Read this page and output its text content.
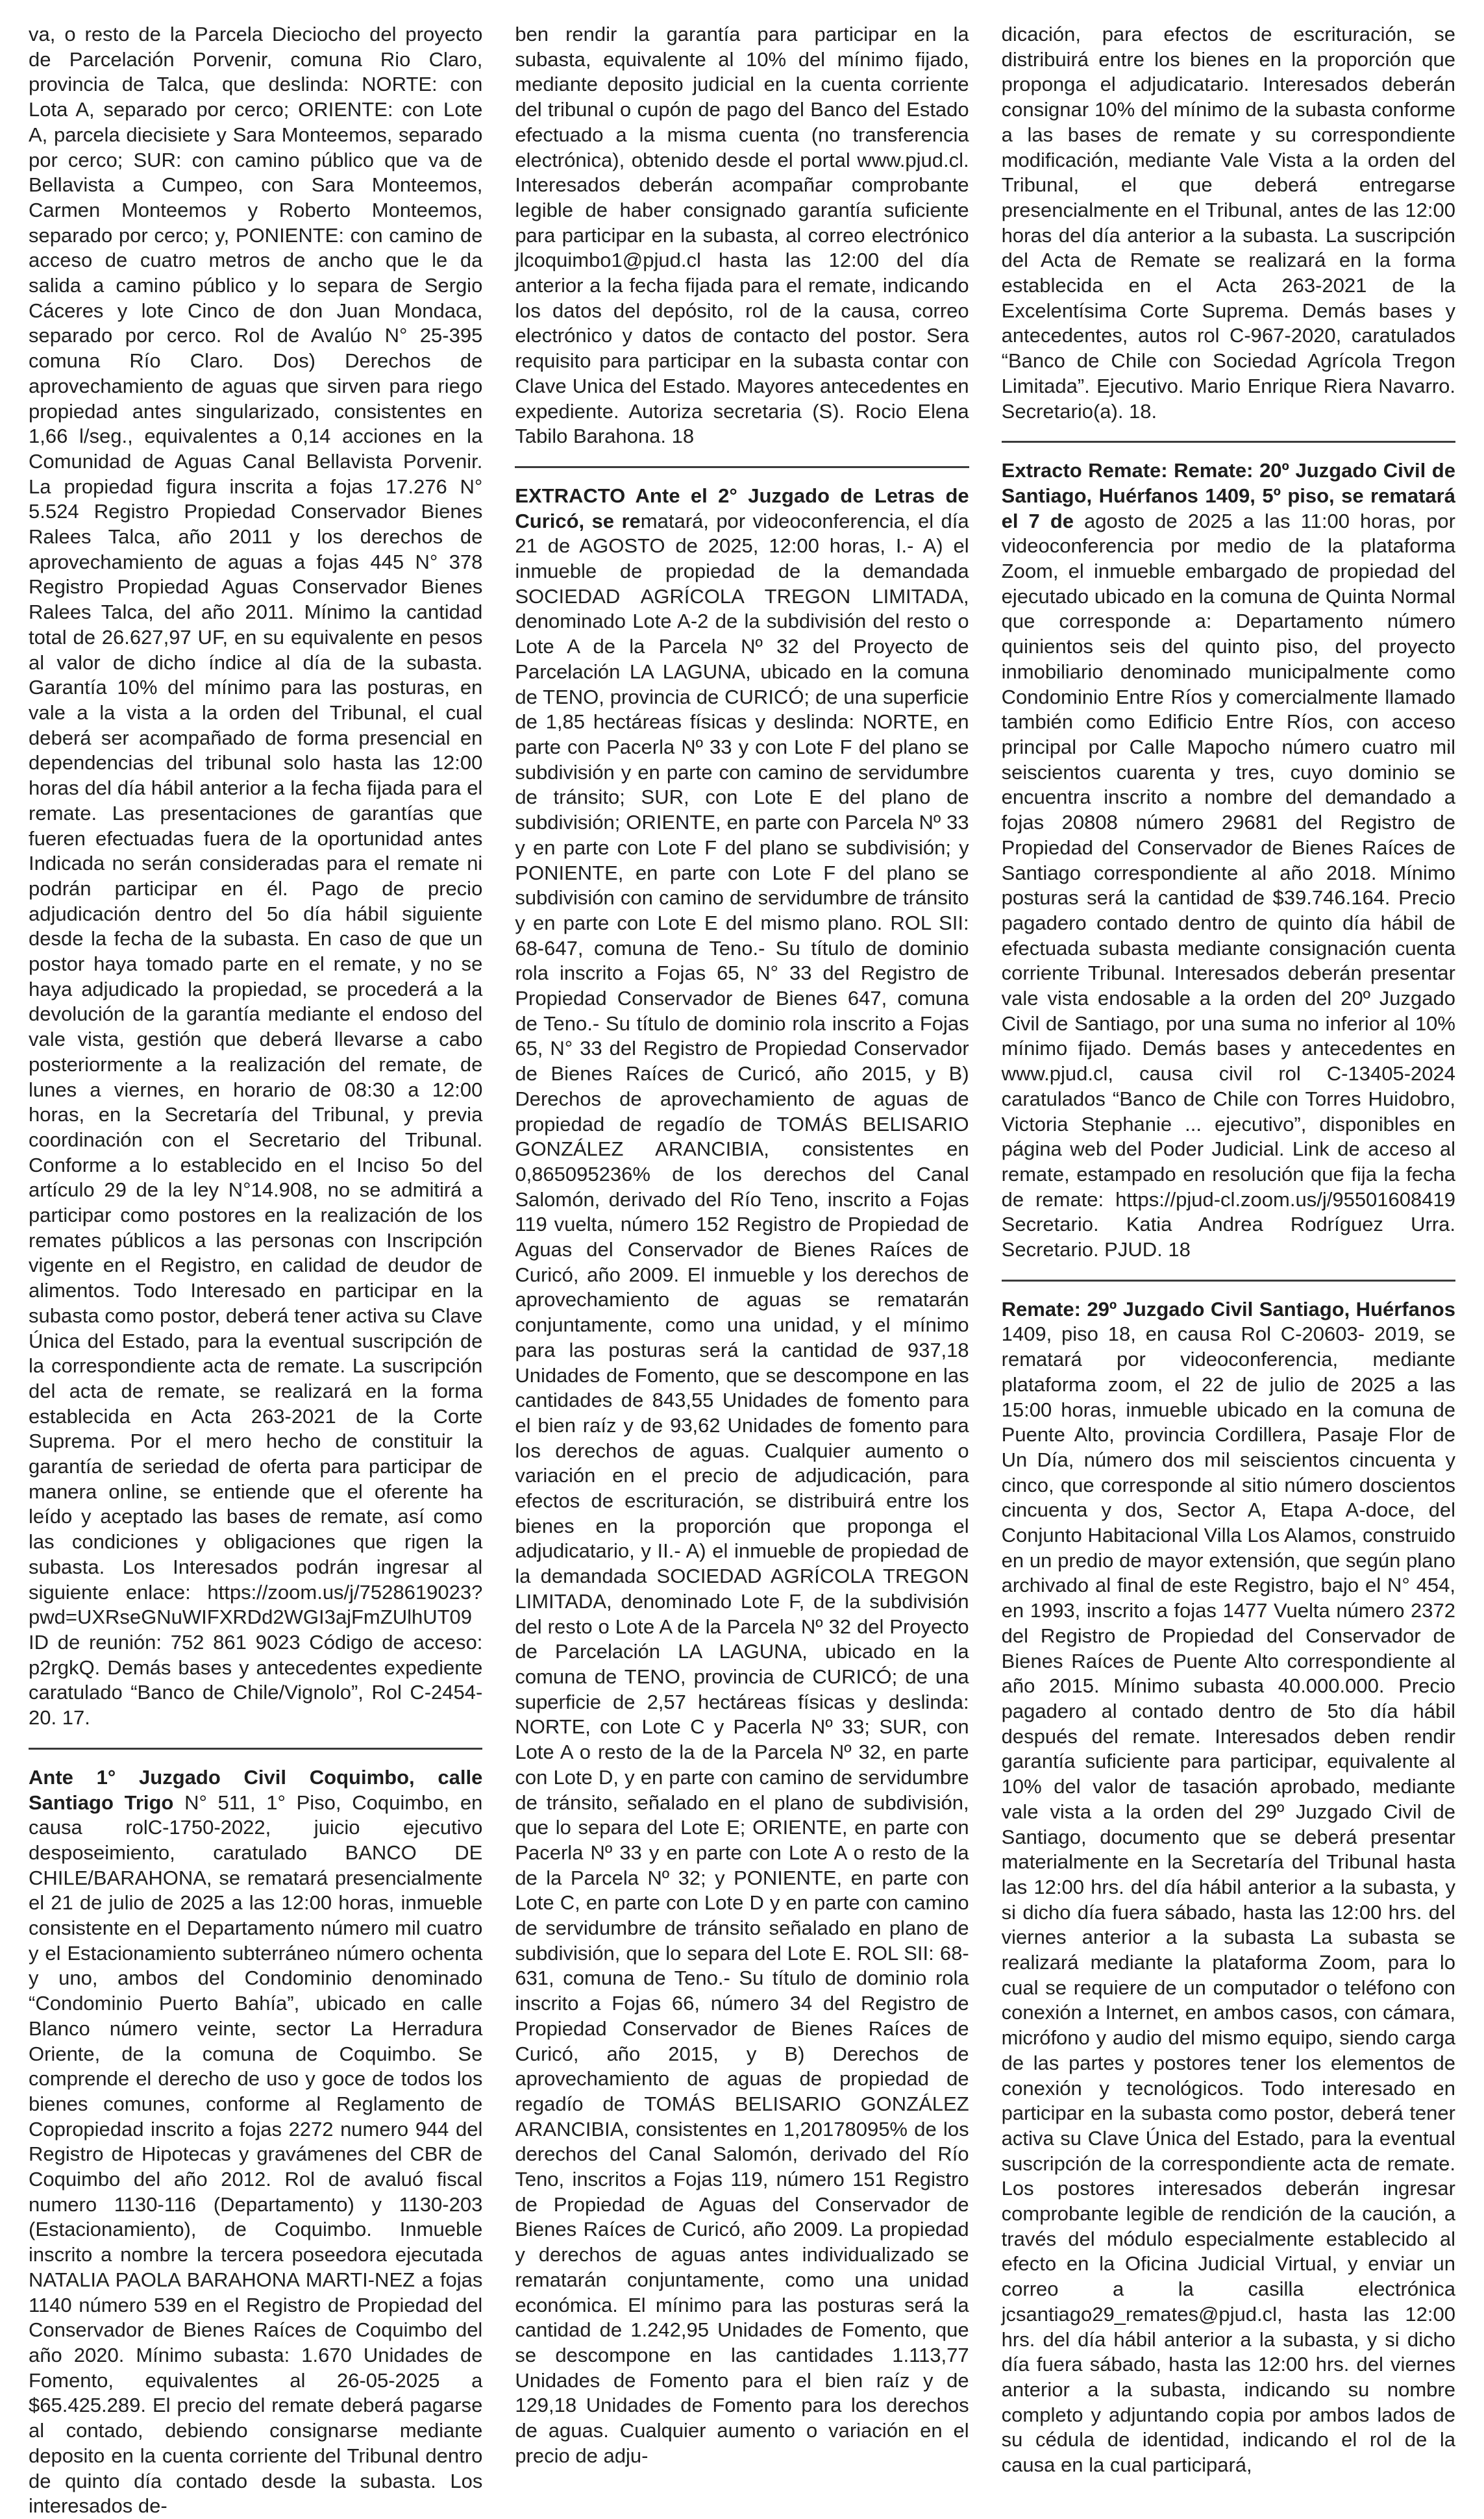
va, o resto de la Parcela Dieciocho del proyecto de Parcelación Porvenir, comuna Rio Claro, provincia de Talca, que deslinda: NORTE: con Lota A, separado por cerco; ORIENTE: con Lote A, parcela diecisiete y Sara Monteemos, separado por cerco; SUR: con camino público que va de Bellavista a Cumpeo, con Sara Monteemos, Carmen Monteemos y Roberto Monteemos, separado por cerco; y, PONIENTE: con camino de acceso de cuatro metros de ancho que le da salida a camino público y lo separa de Sergio Cáceres y lote Cinco de don Juan Mondaca, separado por cerco. Rol de Avalúo N° 25-395 comuna Río Claro. Dos) Derechos de aprovechamiento de aguas que sirven para riego propiedad antes singularizado, consistentes en 1,66 l/seg., equivalentes a 0,14 acciones en la Comunidad de Aguas Canal Bellavista Porvenir. La propiedad figura inscrita a fojas 17.276 N° 5.524 Registro Propiedad Conservador Bienes Ralees Talca, año 2011 y los derechos de aprovechamiento de aguas a fojas 445 N° 378 Registro Propiedad Aguas Conservador Bienes Ralees Talca, del año 2011. Mínimo la cantidad total de 26.627,97 UF, en su equivalente en pesos al valor de dicho índice al día de la subasta. Garantía 10% del mínimo para las posturas, en vale a la vista a la orden del Tribunal, el cual deberá ser acompañado de forma presencial en dependencias del tribunal solo hasta las 12:00 horas del día hábil anterior a la fecha fijada para el remate. Las presentaciones de garantías que fueren efectuadas fuera de la oportunidad antes Indicada no serán consideradas para el remate ni podrán participar en él. Pago de precio adjudicación dentro del 5o día hábil siguiente desde la fecha de la subasta. En caso de que un postor haya tomado parte en el remate, y no se haya adjudicado la propiedad, se procederá a la devolución de la garantía mediante el endoso del vale vista, gestión que deberá llevarse a cabo posteriormente a la realización del remate, de lunes a viernes, en horario de 08:30 a 12:00 horas, en la Secretaría del Tribunal, y previa coordinación con el Secretario del Tribunal. Conforme a lo establecido en el Inciso 5o del artículo 29 de la ley N°14.908, no se admitirá a participar como postores en la realización de los remates públicos a las personas con Inscripción vigente en el Registro, en calidad de deudor de alimentos. Todo Interesado en participar en la subasta como postor, deberá tener activa su Clave Única del Estado, para la eventual suscripción de la correspondiente acta de remate. La suscripción del acta de remate, se realizará en la forma establecida en Acta 263-2021 de la Corte Suprema. Por el mero hecho de constituir la garantía de seriedad de oferta para participar de manera online, se entiende que el oferente ha leído y aceptado las bases de remate, así como las condiciones y obligaciones que rigen la subasta. Los Interesados podrán ingresar al siguiente enlace: https://zoom.us/j/7528619023?pwd=UXRseGNuWIFXRDd2WGI3ajFmZUlhUT09 ID de reunión: 752 861 9023 Código de acceso: p2rgkQ. Demás bases y antecedentes expediente caratulado “Banco de Chile/Vignolo”, Rol C-2454-20. 17.

Ante 1° Juzgado Civil Coquimbo, calle Santiago Trigo N° 511, 1° Piso, Coquimbo, en causa rolC-1750-2022, juicio ejecutivo desposeimiento, caratulado BANCO DE CHILE/BARAHONA, se rematará presencialmente el 21 de julio de 2025 a las 12:00 horas, inmueble consistente en el Departamento número mil cuatro y el Estacionamiento subterráneo número ochenta y uno, ambos del Condominio denominado “Condominio Puerto Bahía”, ubicado en calle Blanco número veinte, sector La Herradura Oriente, de la comuna de Coquimbo. Se comprende el derecho de uso y goce de todos los bienes comunes, conforme al Reglamento de Copropiedad inscrito a fojas 2272 numero 944 del Registro de Hipotecas y gravámenes del CBR de Coquimbo del año 2012. Rol de avaluó fiscal numero 1130-116 (Departamento) y 1130-203 (Estacionamiento), de Coquimbo. Inmueble inscrito a nombre la tercera poseedora ejecutada NATALIA PAOLA BARAHONA MARTI-NEZ a fojas 1140 número 539 en el Registro de Propiedad del Conservador de Bienes Raíces de Coquimbo del año 2020. Mínimo subasta: 1.670 Unidades de Fomento, equivalentes al 26-05-2025 a $65.425.289. El precio del remate deberá pagarse al contado, debiendo consignarse mediante deposito en la cuenta corriente del Tribunal dentro de quinto día contado desde la subasta. Los interesados de-

ben rendir la garantía para participar en la subasta, equivalente al 10% del mínimo fijado, mediante deposito judicial en la cuenta corriente del tribunal o cupón de pago del Banco del Estado efectuado a la misma cuenta (no transferencia electrónica), obtenido desde el portal www.pjud.cl. Interesados deberán acompañar comprobante legible de haber consignado garantía suficiente para participar en la subasta, al correo electrónico jlcoquimbo1@pjud.cl hasta las 12:00 del día anterior a la fecha fijada para el remate, indicando los datos del depósito, rol de la causa, correo electrónico y datos de contacto del postor. Sera requisito para participar en la subasta contar con Clave Unica del Estado. Mayores antecedentes en expediente. Autoriza secretaria (S). Rocio Elena Tabilo Barahona. 18

EXTRACTO Ante el 2° Juzgado de Letras de Curicó, se rematará, por videoconferencia, el día 21 de AGOSTO de 2025, 12:00 horas, I.- A) el inmueble de propiedad de la demandada SOCIEDAD AGRÍCOLA TREGON LIMITADA, denominado Lote A-2 de la subdivisión del resto o Lote A de la Parcela Nº 32 del Proyecto de Parcelación LA LAGUNA, ubicado en la comuna de TENO, provincia de CURICÓ; de una superficie de 1,85 hectáreas físicas y deslinda: NORTE, en parte con Pacerla Nº 33 y con Lote F del plano se subdivisión y en parte con camino de servidumbre de tránsito; SUR, con Lote E del plano de subdivisión; ORIENTE, en parte con Parcela Nº 33 y en parte con Lote F del plano se subdivisión; y PONIENTE, en parte con Lote F del plano se subdivisión con camino de servidumbre de tránsito y en parte con Lote E del mismo plano. ROL SII: 68-647, comuna de Teno.- Su título de dominio rola inscrito a Fojas 65, N° 33 del Registro de Propiedad Conservador de Bienes 647, comuna de Teno.- Su título de dominio rola inscrito a Fojas 65, N° 33 del Registro de Propiedad Conservador de Bienes Raíces de Curicó, año 2015, y B) Derechos de aprovechamiento de aguas de propiedad de regadío de TOMÁS BELISARIO GONZÁLEZ ARANCIBIA, consistentes en 0,865095236% de los derechos del Canal Salomón, derivado del Río Teno, inscrito a Fojas 119 vuelta, número 152 Registro de Propiedad de Aguas del Conservador de Bienes Raíces de Curicó, año 2009. El inmueble y los derechos de aprovechamiento de aguas se rematarán conjuntamente, como una unidad, y el mínimo para las posturas será la cantidad de 937,18 Unidades de Fomento, que se descompone en las cantidades de 843,55 Unidades de fomento para el bien raíz y de 93,62 Unidades de fomento para los derechos de aguas. Cualquier aumento o variación en el precio de adjudicación, para efectos de escrituración, se distribuirá entre los bienes en la proporción que proponga el adjudicatario, y II.- A) el inmueble de propiedad de la demandada SOCIEDAD AGRÍCOLA TREGON LIMITADA, denominado Lote F, de la subdivisión del resto o Lote A de la Parcela Nº 32 del Proyecto de Parcelación LA LAGUNA, ubicado en la comuna de TENO, provincia de CURICÓ; de una superficie de 2,57 hectáreas físicas y deslinda: NORTE, con Lote C y Pacerla Nº 33; SUR, con Lote A o resto de la de la Parcela Nº 32, en parte con Lote D, y en parte con camino de servidumbre de tránsito, señalado en el plano de subdivisión, que lo separa del Lote E; ORIENTE, en parte con Pacerla Nº 33 y en parte con Lote A o resto de la de la Parcela Nº 32; y PONIENTE, en parte con Lote C, en parte con Lote D y en parte con camino de servidumbre de tránsito señalado en plano de subdivisión, que lo separa del Lote E. ROL SII: 68-631, comuna de Teno.- Su título de dominio rola inscrito a Fojas 66, número 34 del Registro de Propiedad Conservador de Bienes Raíces de Curicó, año 2015, y B) Derechos de aprovechamiento de aguas de propiedad de regadío de TOMÁS BELISARIO GONZÁLEZ ARANCIBIA, consistentes en 1,20178095% de los derechos del Canal Salomón, derivado del Río Teno, inscritos a Fojas 119, número 151 Registro de Propiedad de Aguas del Conservador de Bienes Raíces de Curicó, año 2009. La propiedad y derechos de aguas antes individualizado se rematarán conjuntamente, como una unidad económica. El mínimo para las posturas será la cantidad de 1.242,95 Unidades de Fomento, que se descompone en las cantidades 1.113,77 Unidades de Fomento para el bien raíz y de 129,18 Unidades de Fomento para los derechos de aguas. Cualquier aumento o variación en el precio de adju-

dicación, para efectos de escrituración, se distribuirá entre los bienes en la proporción que proponga el adjudicatario. Interesados deberán consignar 10% del mínimo de la subasta conforme a las bases de remate y su correspondiente modificación, mediante Vale Vista a la orden del Tribunal, el que deberá entregarse presencialmente en el Tribunal, antes de las 12:00 horas del día anterior a la subasta. La suscripción del Acta de Remate se realizará en la forma establecida en el Acta 263-2021 de la Excelentísima Corte Suprema. Demás bases y antecedentes, autos rol C-967-2020, caratulados “Banco de Chile con Sociedad Agrícola Tregon Limitada”. Ejecutivo. Mario Enrique Riera Navarro. Secretario(a). 18.

Extracto Remate: Remate: 20º Juzgado Civil de Santiago, Huérfanos 1409, 5º piso, se rematará el 7 de agosto de 2025 a las 11:00 horas, por videoconferencia por medio de la plataforma Zoom, el inmueble embargado de propiedad del ejecutado ubicado en la comuna de Quinta Normal que corresponde a: Departamento número quinientos seis del quinto piso, del proyecto inmobiliario denominado municipalmente como Condominio Entre Ríos y comercialmente llamado también como Edificio Entre Ríos, con acceso principal por Calle Mapocho número cuatro mil seiscientos cuarenta y tres, cuyo dominio se encuentra inscrito a nombre del demandado a fojas 20808 número 29681 del Registro de Propiedad del Conservador de Bienes Raíces de Santiago correspondiente al año 2018. Mínimo posturas será la cantidad de $39.746.164. Precio pagadero contado dentro de quinto día hábil de efectuada subasta mediante consignación cuenta corriente Tribunal. Interesados deberán presentar vale vista endosable a la orden del 20º Juzgado Civil de Santiago, por una suma no inferior al 10% mínimo fijado. Demás bases y antecedentes en www.pjud.cl, causa civil rol C-13405-2024 caratulados “Banco de Chile con Torres Huidobro, Victoria Stephanie ... ejecutivo”, disponibles en página web del Poder Judicial. Link de acceso al remate, estampado en resolución que fija la fecha de remate: https://pjud-cl.zoom.us/j/95501608419 Secretario. Katia Andrea Rodríguez Urra. Secretario. PJUD. 18

Remate: 29º Juzgado Civil Santiago, Huérfanos 1409, piso 18, en causa Rol C-20603- 2019, se rematará por videoconferencia, mediante plataforma zoom, el 22 de julio de 2025 a las 15:00 horas, inmueble ubicado en la comuna de Puente Alto, provincia Cordillera, Pasaje Flor de Un Día, número dos mil seiscientos cincuenta y cinco, que corresponde al sitio número doscientos cincuenta y dos, Sector A, Etapa A-doce, del Conjunto Habitacional Villa Los Alamos, construido en un predio de mayor extensión, que según plano archivado al final de este Registro, bajo el N° 454, en 1993, inscrito a fojas 1477 Vuelta número 2372 del Registro de Propiedad del Conservador de Bienes Raíces de Puente Alto correspondiente al año 2015. Mínimo subasta 40.000.000. Precio pagadero al contado dentro de 5to día hábil después del remate. Interesados deben rendir garantía suficiente para participar, equivalente al 10% del valor de tasación aprobado, mediante vale vista a la orden del 29º Juzgado Civil de Santiago, documento que se deberá presentar materialmente en la Secretaría del Tribunal hasta las 12:00 hrs. del día hábil anterior a la subasta, y si dicho día fuera sábado, hasta las 12:00 hrs. del viernes anterior a la subasta La subasta se realizará mediante la plataforma Zoom, para lo cual se requiere de un computador o teléfono con conexión a Internet, en ambos casos, con cámara, micrófono y audio del mismo equipo, siendo carga de las partes y postores tener los elementos de conexión y tecnológicos. Todo interesado en participar en la subasta como postor, deberá tener activa su Clave Única del Estado, para la eventual suscripción de la correspondiente acta de remate. Los postores interesados deberán ingresar comprobante legible de rendición de la caución, a través del módulo especialmente establecido al efecto en la Oficina Judicial Virtual, y enviar un correo a la casilla electrónica jcsantiago29_remates@pjud.cl, hasta las 12:00 hrs. del día hábil anterior a la subasta, y si dicho día fuera sábado, hasta las 12:00 hrs. del viernes anterior a la subasta, indicando su nombre completo y adjuntando copia por ambos lados de su cédula de identidad, indicando el rol de la causa en la cual participará,
